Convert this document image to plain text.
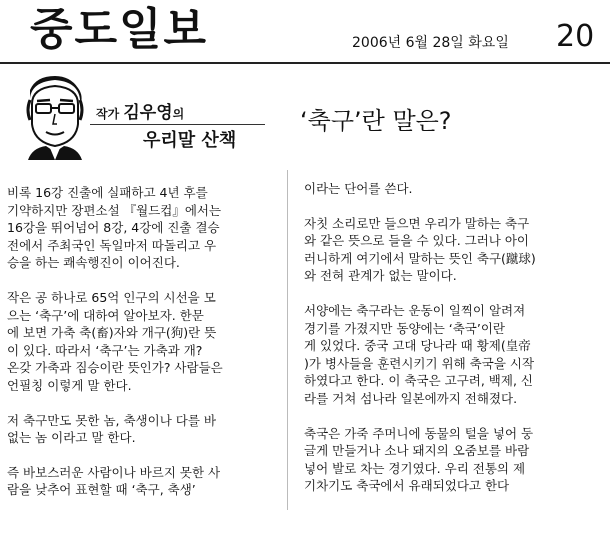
중도일보	2006년 6월 28일 화요일 20
작가 김우영의
우리말 산책
‘축구’란 말은?

비록 16강 진출에 실패하고 4년 후를
기약하지만 장편소설 『월드컵』에서는
16강을 뛰어넘어 8강, 4강에 진출 결승
전에서 주최국인 독일마저 따돌리고 우
승을 하는 쾌속행진이 이어진다.

작은 공 하나로 65억 인구의 시선을 모
으는 ‘축구’에 대하여 알아보자. 한문
에 보면 가축 축(畜)자와 개구(狗)란 뜻
이 있다. 따라서 ‘축구’는 가축과 개?
온갖 가축과 짐승이란 뜻인가? 사람들은
언필칭 이렇게 말 한다.

저 축구만도 못한 놈, 축생이나 다를 바
없는 놈 이라고 말 한다.

즉 바보스러운 사람이나 바르지 못한 사
람을 낮추어 표현할 때 ‘축구, 축생’

이라는 단어를 쓴다.

자칫 소리로만 들으면 우리가 말하는 축구
와 같은 뜻으로 들을 수 있다. 그러나 아이
러니하게 여기에서 말하는 뜻인 축구(蹴球)
와 전혀 관계가 없는 말이다.

서양에는 축구라는 운동이 일찍이 알려져
경기를 가졌지만 동양에는 ‘축국’이란
게 있었다. 중국 고대 당나라 때 황제(皇帝
)가 병사들을 훈련시키기 위해 축국을 시작
하였다고 한다. 이 축국은 고구려, 백제, 신
라를 거쳐 섬나라 일본에까지 전해졌다.

축국은 가죽 주머니에 동물의 털을 넣어 둥
글게 만들거나 소나 돼지의 오줌보를 바람
넣어 발로 차는 경기였다. 우리 전통의 제
기차기도 축국에서 유래되었다고 한다
